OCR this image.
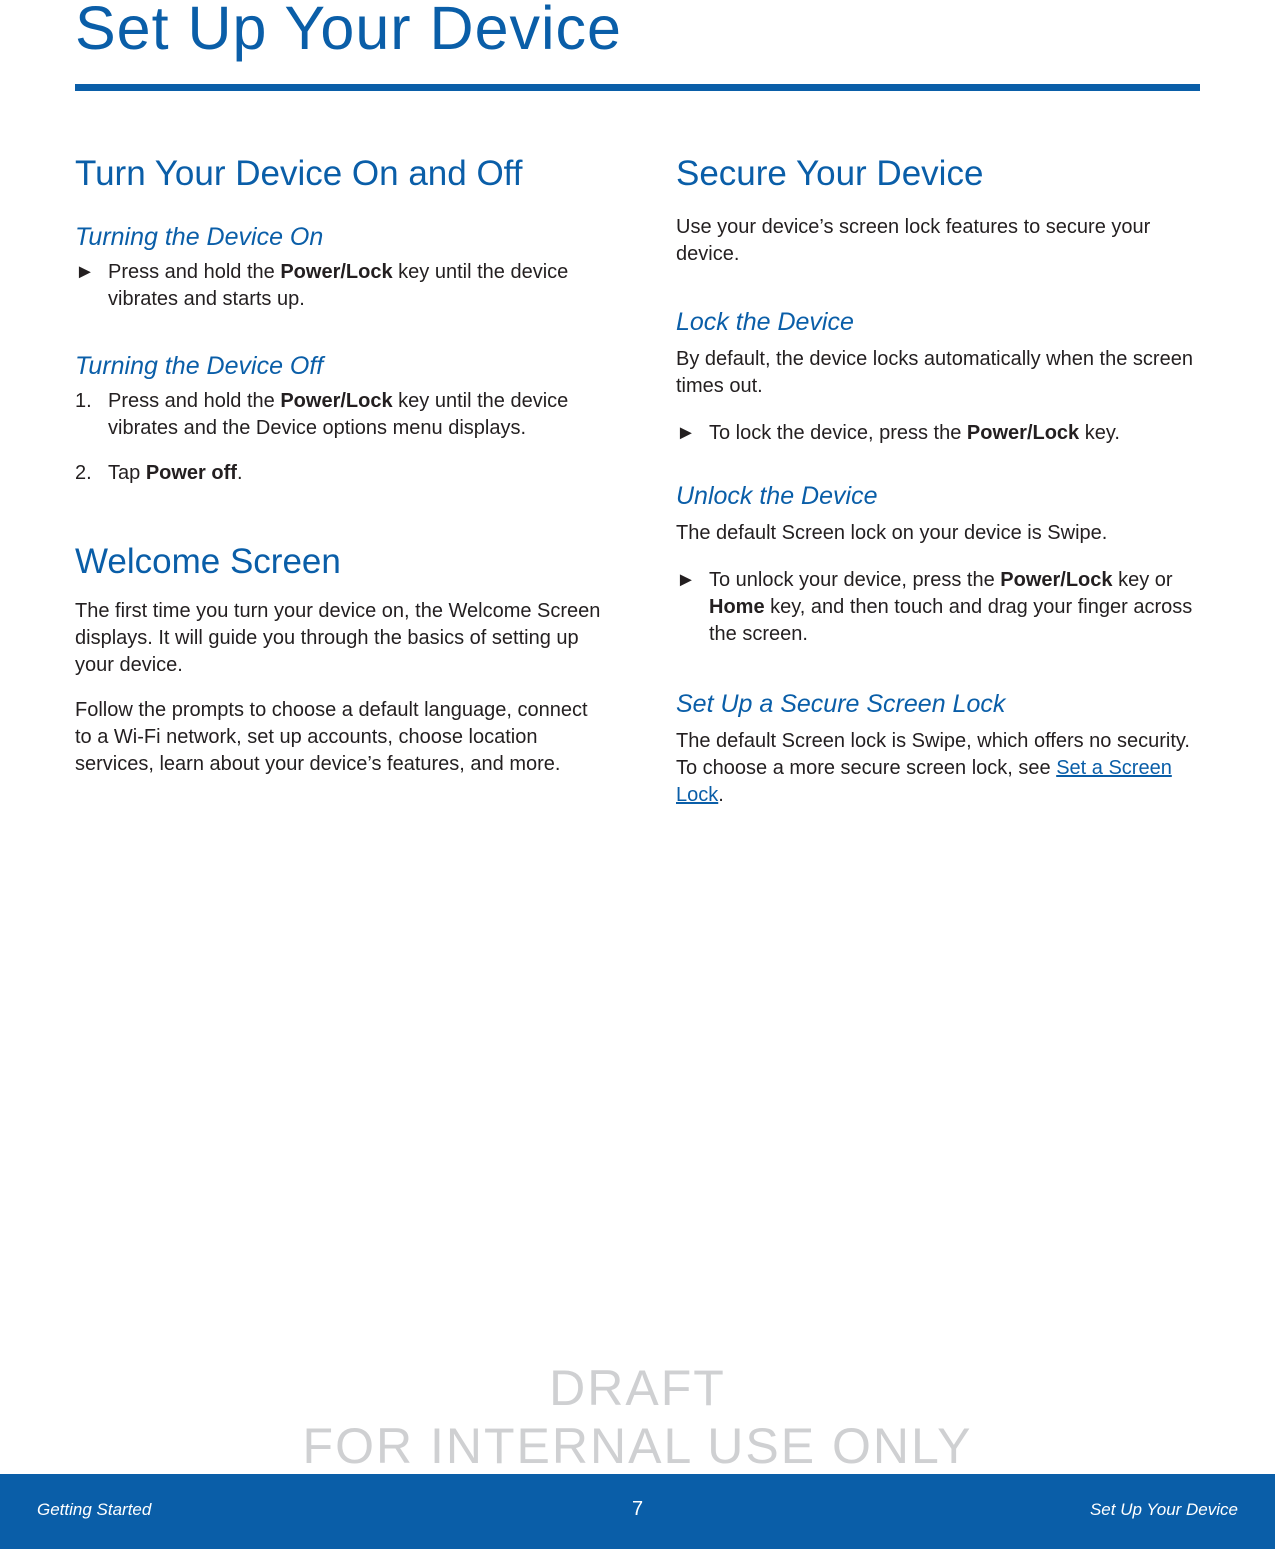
Set Up Your Device
Turn Your Device On and Off
Turning the Device On
► Press and hold the Power/Lock key until the device vibrates and starts up.
Turning the Device Off
1. Press and hold the Power/Lock key until the device vibrates and the Device options menu displays.
2. Tap Power off.
Welcome Screen

The first time you turn your device on, the Welcome Screen displays. It will guide you through the basics of setting up your device.

Follow the prompts to choose a default language, connect to a Wi-Fi network, set up accounts, choose location services, learn about your device’s features, and more.

Secure Your Device

Use your device’s screen lock features to secure your device.

Lock the Device

By default, the device locks automatically when the screen times out.

► To lock the device, press the Power/Lock key.
Unlock the Device

The default Screen lock on your device is Swipe.

► To unlock your device, press the Power/Lock key or Home key, and then touch and drag your finger across the screen.
Set Up a Secure Screen Lock

The default Screen lock is Swipe, which offers no security. To choose a more secure screen lock, see Set a Screen Lock.

DRAFT
FOR INTERNAL USE ONLY
Getting Started	7	Set Up Your Device
